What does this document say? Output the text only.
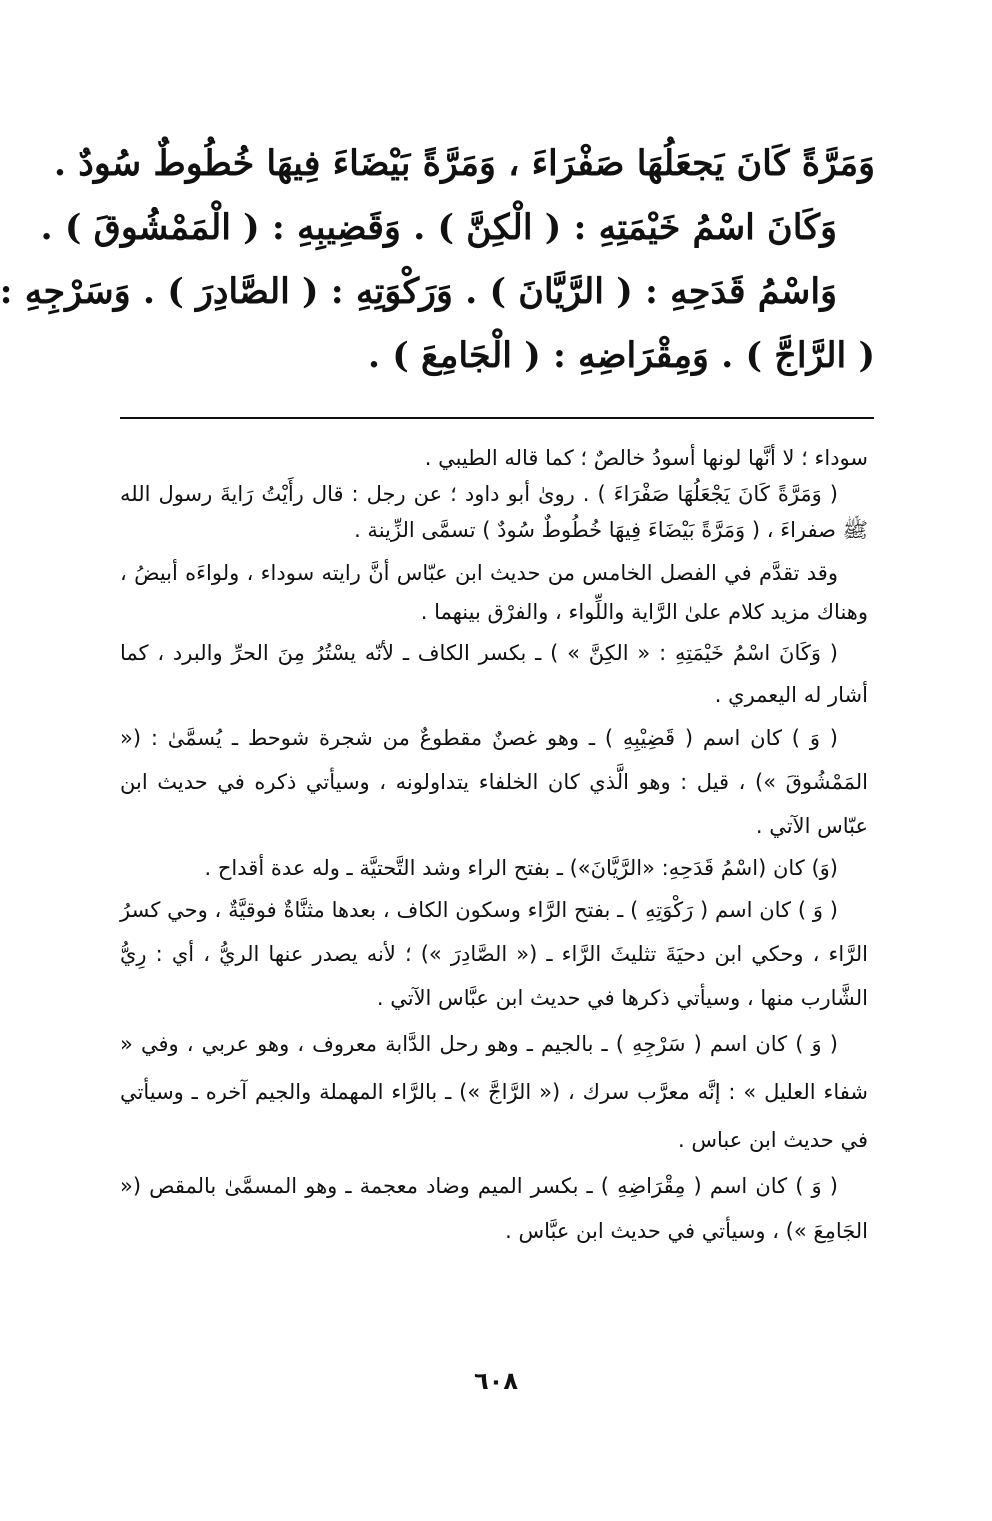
وَمَرَّةً كَانَ يَجعَلُهَا صَفْرَاءَ ، وَمَرَّةً بَيْضَاءَ فِيهَا خُطُوطٌ سُودٌ .

وَكَانَ اسْمُ خَيْمَتِهِ : ( الْكِنَّ ) . وَقَضِيبِهِ : ( الْمَمْشُوقَ ) .

وَاسْمُ قَدَحِهِ : ( الرَّيَّانَ ) . وَرَكْوَتِهِ : ( الصَّادِرَ ) . وَسَرْجِهِ :

( الرَّاجَّ ) . وَمِقْرَاضِهِ : ( الْجَامِعَ ) .

سوداء ؛ لا أنَّها لونها أسودُ خالصٌ ؛ كما قاله الطيبي .

( وَمَرَّةً كَانَ يَجْعَلُهَا صَفْرَاءَ ) . روىٰ أبو داود ؛ عن رجل : قال رأَيْتُ رَايةَ رسول الله ﷺ صفراءَ ، ( وَمَرَّةً بَيْضَاءَ فِيهَا خُطُوطٌ سُودٌ ) تسمَّى الزِّينة .

وقد تقدَّم في الفصل الخامس من حديث ابن عبّاس أنَّ رايته سوداء ، ولواءَه أبيضُ ، وهناك مزيد كلام علىٰ الرَّاية واللِّواء ، والفرْق بينهما .

( وَكَانَ اسْمُ خَيْمَتِهِ : « الكِنَّ » ) ـ بكسر الكاف ـ لأنّه يسْتُرُ مِنَ الحرِّ والبرد ، كما أشار له اليعمري .

( وَ ) كان اسم ( قَضِيْبِهِ ) ـ وهو غصنٌ مقطوعٌ من شجرة شوحط ـ يُسمَّىٰ : (« المَمْشُوقَ ») ، قيل : وهو الَّذي كان الخلفاء يتداولونه ، وسيأتي ذكره في حديث ابن عبّاس الآتي .

(وَ) كان (اسْمُ قَدَحِهِ: «الرَّيَّانَ») ـ بفتح الراء وشد التَّحتيَّة ـ وله عدة أقداح .

( وَ ) كان اسم ( رَكْوَتِهِ ) ـ بفتح الرَّاء وسكون الكاف ، بعدها مثنَّاةٌ فوقيَّةٌ ، وحي كسرُ الرَّاء ، وحكي ابن دحيَةَ تثليثَ الرَّاء ـ (« الصَّادِرَ ») ؛ لأنه يصدر عنها الريُّ ، أي : رِيُّ الشَّارب منها ، وسيأتي ذكرها في حديث ابن عبَّاس الآتي .

( وَ ) كان اسم ( سَرْجِهِ ) ـ بالجيم ـ وهو رحل الدَّابة معروف ، وهو عربي ، وفي « شفاء العليل » : إنَّه معرَّب سرك ، (« الرَّاجَّ ») ـ بالرَّاء المهملة والجيم آخره ـ وسيأتي في حديث ابن عباس .

( وَ ) كان اسم ( مِقْرَاضِهِ ) ـ بكسر الميم وضاد معجمة ـ وهو المسمَّىٰ بالمقص (« الجَامِعَ ») ، وسيأتي في حديث ابن عبَّاس .

٦٠٨
